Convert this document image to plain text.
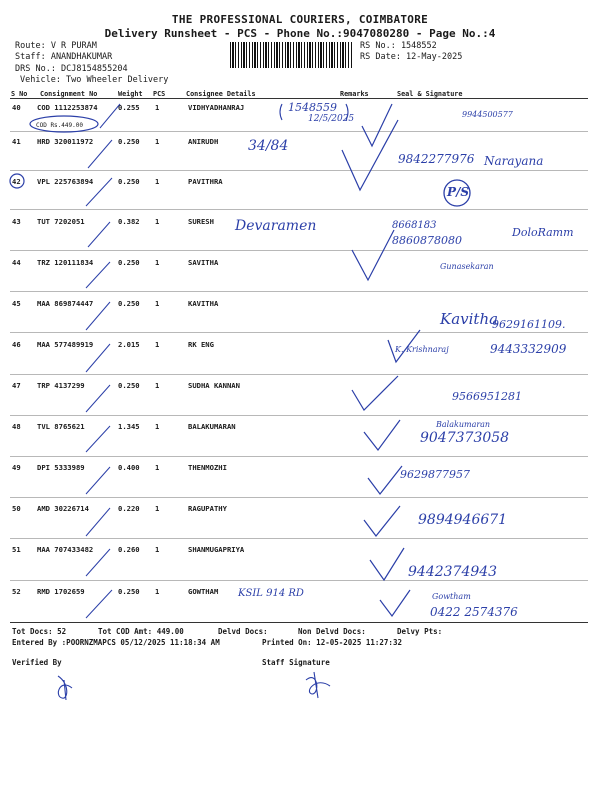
THE PROFESSIONAL COURIERS, COIMBATORE
Delivery Runsheet - PCS - Phone No.:9047080280 - Page No.:4
Route: V R PURAM
Staff: ANANDHAKUMAR
DRS No.: DCJ8154855204
Vehicle: Two Wheeler Delivery
RS No.: 1548552
RS Date: 12-May-2025
S No Consignment No	Weight PCS	Consignee Details	Remarks	Seal & Signature
40 COD 1112253874	0.255 1	VIDHYADHANRAJ
COD Rs.449.00
41 HRD 320011972	0.250 1	ANIRUDH
42 VPL 225763894	0.250 1	PAVITHRA
43 TUT 7202051	0.382 1	SURESH
44 TRZ 120111834	0.250 1	SAVITHA
45 MAA 869874447	0.250 1	KAVITHA
46 MAA 577489919	2.015 1	RK ENG
47 TRP 4137299	0.250 1	SUDHA KANNAN
48 TVL 8765621	1.345 1	BALAKUMARAN
49 DPI 5333989	0.400 1	THENMOZHI
50 AMD 30226714	0.220 1	RAGUPATHY
51 MAA 707433482	0.260 1	SHANMUGAPRIYA
52 RMD 1702659	0.250 1	GOWTHAM
Tot Docs: 52	Tot COD Amt: 449.00	Delvd Docs:	Non Delvd Docs:	Delvy Pts:
Entered By :POORNZMAPCS 05/12/2025 11:18:34 AM	Printed On: 12-05-2025 11:27:32
Verified By	Staff Signature
1548559
12/5/2025	9944500577
34/84
9842277976 Narayana
P/S
Devaramen	8668183
8860878080
DoloRamm
Gunasekaran
Kavitha
9629161109.
K. Krishnaraj	9443332909
9566951281
Balakumaran
9047373058
9629877957
9894946671
9442374943
Gowtham
0422 2574376
KSIL 914 RD
